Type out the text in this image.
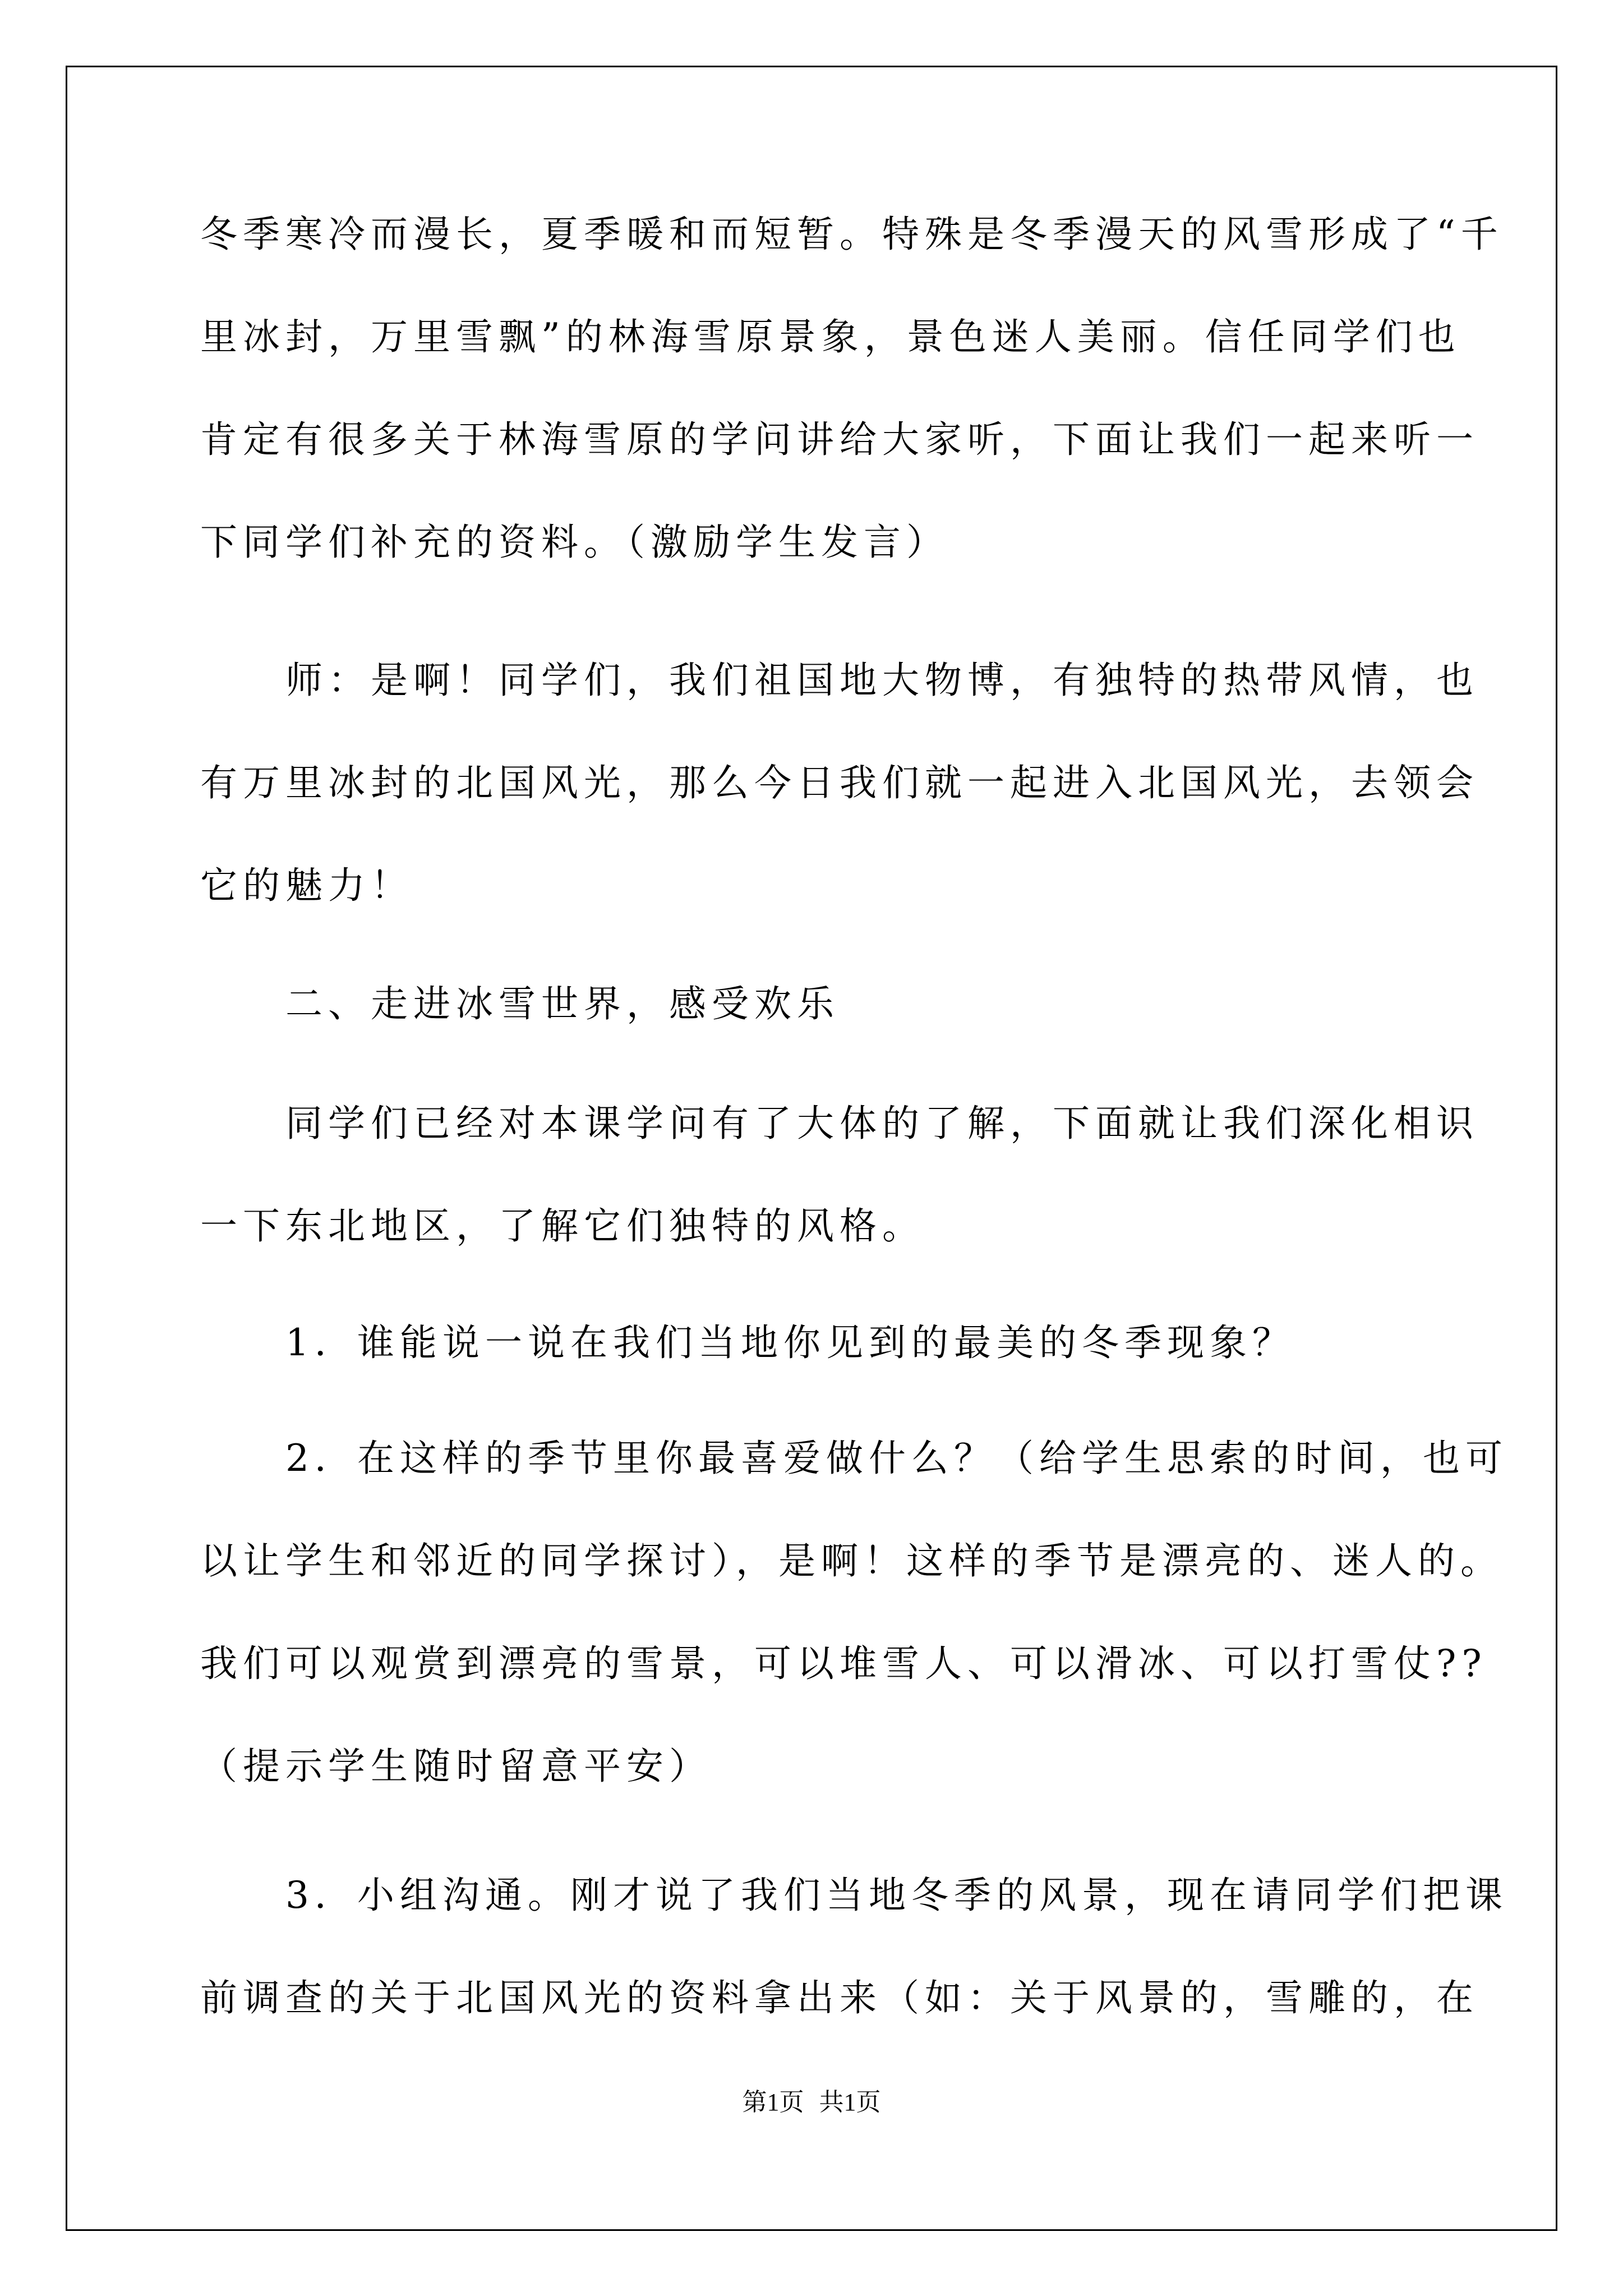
冬季寒冷而漫长，夏季暖和而短暂。特殊是冬季漫天的风雪形成了“千
里冰封，万里雪飘”的林海雪原景象，景色迷人美丽。信任同学们也
肯定有很多关于林海雪原的学问讲给大家听，下面让我们一起来听一
下同学们补充的资料。（激励学生发言）
　　师：是啊！同学们，我们祖国地大物博，有独特的热带风情，也
有万里冰封的北国风光，那么今日我们就一起进入北国风光，去领会
它的魅力！
　　二、走进冰雪世界，感受欢乐
　　同学们已经对本课学问有了大体的了解，下面就让我们深化相识
一下东北地区，了解它们独特的风格。
　　1．谁能说一说在我们当地你见到的最美的冬季现象？
　　2．在这样的季节里你最喜爱做什么？（给学生思索的时间，也可
以让学生和邻近的同学探讨），是啊！这样的季节是漂亮的、迷人的。
我们可以观赏到漂亮的雪景，可以堆雪人、可以滑冰、可以打雪仗??
（提示学生随时留意平安）
　　3．小组沟通。刚才说了我们当地冬季的风景，现在请同学们把课
前调查的关于北国风光的资料拿出来（如：关于风景的，雪雕的，在
第1页 共1页
